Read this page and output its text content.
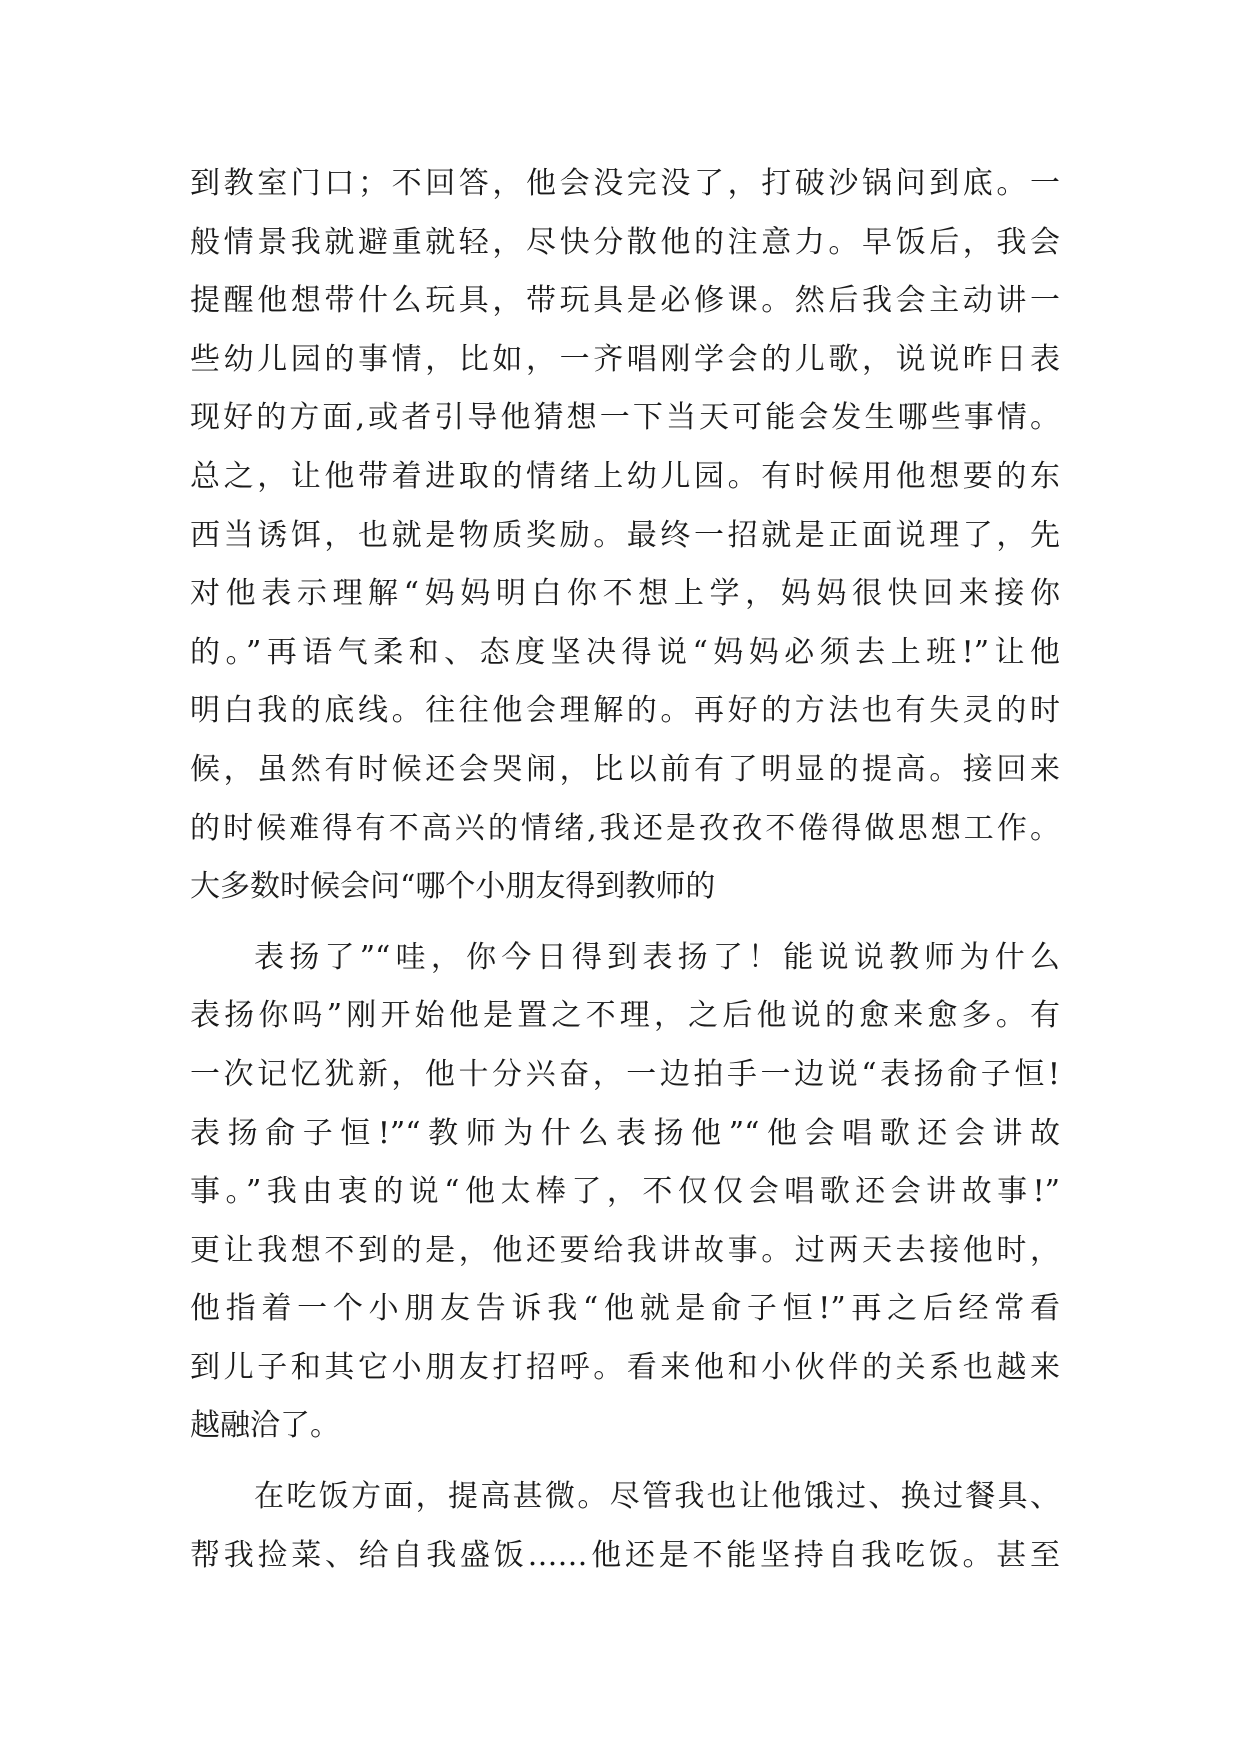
到教室门口；不回答，他会没完没了，打破沙锅问到底。一
般情景我就避重就轻，尽快分散他的注意力。早饭后，我会
提醒他想带什么玩具，带玩具是必修课。然后我会主动讲一
些幼儿园的事情，比如，一齐唱刚学会的儿歌，说说昨日表
现好的方面,或者引导他猜想一下当天可能会发生哪些事情。
总之，让他带着进取的情绪上幼儿园。有时候用他想要的东
西当诱饵，也就是物质奖励。最终一招就是正面说理了，先
对他表示理解“妈妈明白你不想上学，妈妈很快回来接你
的。”再语气柔和、态度坚决得说“妈妈必须去上班!”让他
明白我的底线。往往他会理解的。再好的方法也有失灵的时
候，虽然有时候还会哭闹，比以前有了明显的提高。接回来
的时候难得有不高兴的情绪,我还是孜孜不倦得做思想工作。
大多数时候会问“哪个小朋友得到教师的
表扬了”“哇，你今日得到表扬了！能说说教师为什么
表扬你吗”刚开始他是置之不理，之后他说的愈来愈多。有
一次记忆犹新，他十分兴奋，一边拍手一边说“表扬俞子恒!
表扬俞子恒!”“教师为什么表扬他”“他会唱歌还会讲故
事。”我由衷的说“他太棒了，不仅仅会唱歌还会讲故事!”
更让我想不到的是，他还要给我讲故事。过两天去接他时，
他指着一个小朋友告诉我“他就是俞子恒!”再之后经常看
到儿子和其它小朋友打招呼。看来他和小伙伴的关系也越来
越融洽了。
在吃饭方面，提高甚微。尽管我也让他饿过、换过餐具、
帮我捡菜、给自我盛饭……他还是不能坚持自我吃饭。甚至
